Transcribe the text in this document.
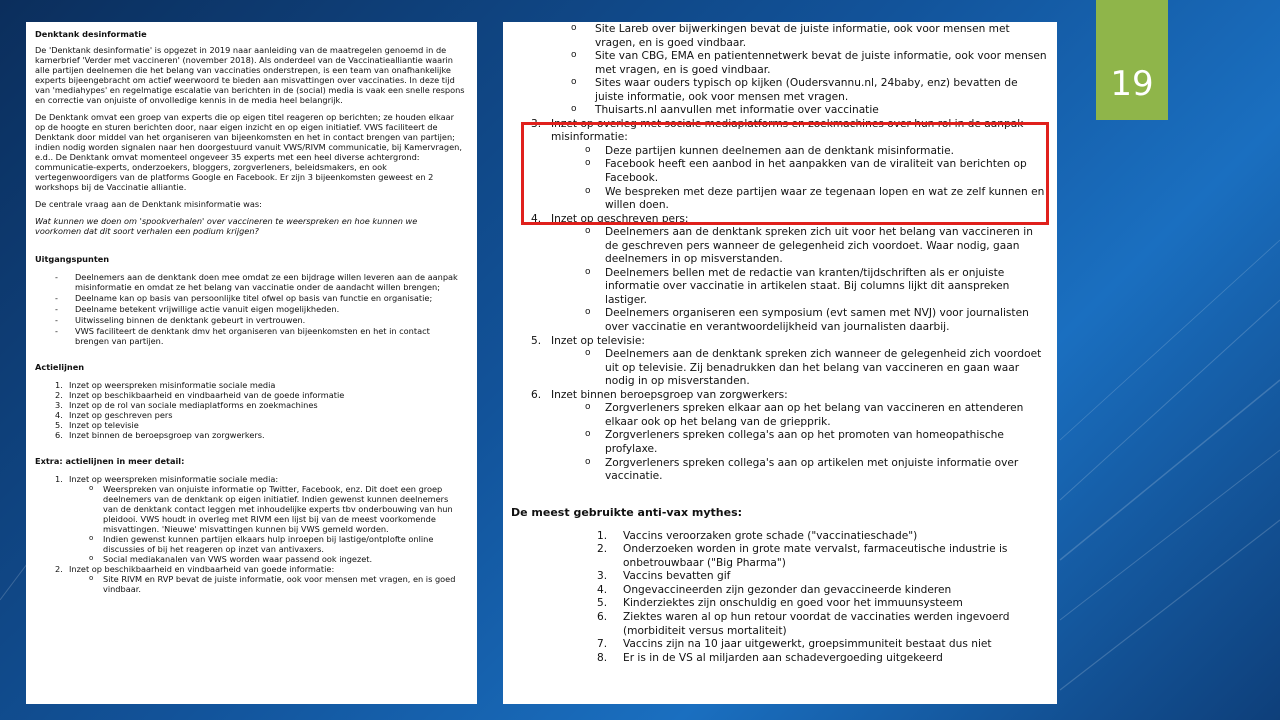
Denktank desinformatie
De 'Denktank desinformatie' is opgezet in 2019 naar aanleiding van de maatregelen genoemd in de kamerbrief 'Verder met vaccineren' (november 2018). Als onderdeel van de Vaccinatiealliantie waarin alle partijen deelnemen die het belang van vaccinaties onderstrepen, is een team van onafhankelijke experts bijeengebracht om actief weerwoord te bieden aan misvattingen over vaccinaties. In deze tijd van 'mediahypes' en regelmatige escalatie van berichten in de (social) media is vaak een snelle respons en correctie van onjuiste of onvolledige kennis in de media heel belangrijk.
De Denktank omvat een groep van experts die op eigen titel reageren op berichten; ze houden elkaar op de hoogte en sturen berichten door, naar eigen inzicht en op eigen initiatief. VWS faciliteert de Denktank door middel van het organiseren van bijeenkomsten en het in contact brengen van partijen; indien nodig worden signalen naar hen doorgestuurd vanuit VWS/RIVM communicatie, bij Kamervragen, e.d.. De Denktank omvat momenteel ongeveer 35 experts met een heel diverse achtergrond: communicatie-experts, onderzoekers, bloggers, zorgverleners, beleidsmakers, en ook vertegenwoordigers van de platforms Google en Facebook. Er zijn 3 bijeenkomsten geweest en 2 workshops bij de Vaccinatie alliantie.
De centrale vraag aan de Denktank misinformatie was:
Wat kunnen we doen om 'spookverhalen' over vaccineren te weerspreken en hoe kunnen we voorkomen dat dit soort verhalen een podium krijgen?
Uitgangspunten
-	Deelnemers aan de denktank doen mee omdat ze een bijdrage willen leveren aan de aanpak misinformatie en omdat ze het belang van vaccinatie onder de aandacht willen brengen;
-	Deelname kan op basis van persoonlijke titel ofwel op basis van functie en organisatie;
-	Deelname betekent vrijwillige actie vanuit eigen mogelijkheden.
-	Uitwisseling binnen de denktank gebeurt in vertrouwen.
-	VWS faciliteert de denktank dmv het organiseren van bijeenkomsten en het in contact brengen van partijen.
Actielijnen
1. Inzet op weerspreken misinformatie sociale media
2. Inzet op beschikbaarheid en vindbaarheid van de goede informatie
3. Inzet op de rol van sociale mediaplatforms en zoekmachines
4. Inzet op geschreven pers
5. Inzet op televisie
6. Inzet binnen de beroepsgroep van zorgwerkers.
Extra: actielijnen in meer detail:
1. Inzet op weerspreken misinformatie sociale media:
o	Weerspreken van onjuiste informatie op Twitter, Facebook, enz. Dit doet een groep deelnemers van de denktank op eigen initiatief. Indien gewenst kunnen deelnemers van de denktank contact leggen met inhoudelijke experts tbv onderbouwing van hun pleidooi. VWS houdt in overleg met RIVM een lijst bij van de meest voorkomende misvattingen. 'Nieuwe' misvattingen kunnen bij VWS gemeld worden.
o	Indien gewenst kunnen partijen elkaars hulp inroepen bij lastige/ontplofte online discussies of bij het reageren op inzet van antivaxers.
o	Social mediakanalen van VWS worden waar passend ook ingezet.
2. Inzet op beschikbaarheid en vindbaarheid van goede informatie:
o	Site RIVM en RVP bevat de juiste informatie, ook voor mensen met vragen, en is goed vindbaar.
o	Site Lareb over bijwerkingen bevat de juiste informatie, ook voor mensen met vragen, en is goed vindbaar.
o	Site van CBG, EMA en patientennetwerk bevat de juiste informatie, ook voor mensen met vragen, en is goed vindbaar.
o	Sites waar ouders typisch op kijken (Oudersvannu.nl, 24baby, enz) bevatten de juiste informatie, ook voor mensen met vragen.
o	Thuisarts.nl aanvullen met informatie over vaccinatie
3. Inzet op overleg met sociale mediaplatforms en zoekmachines over hun rol in de aanpak misinformatie:
o	Deze partijen kunnen deelnemen aan de denktank misinformatie.
o	Facebook heeft een aanbod in het aanpakken van de viraliteit van berichten op Facebook.
o	We bespreken met deze partijen waar ze tegenaan lopen en wat ze zelf kunnen en willen doen.
4. Inzet op geschreven pers:
o	Deelnemers aan de denktank spreken zich uit voor het belang van vaccineren in de geschreven pers wanneer de gelegenheid zich voordoet. Waar nodig, gaan deelnemers in op misverstanden.
o	Deelnemers bellen met de redactie van kranten/tijdschriften als er onjuiste informatie over vaccinatie in artikelen staat. Bij columns lijkt dit aanspreken lastiger.
o	Deelnemers organiseren een symposium (evt samen met NVJ) voor journalisten over vaccinatie en verantwoordelijkheid van journalisten daarbij.
5. Inzet op televisie:
o	Deelnemers aan de denktank spreken zich wanneer de gelegenheid zich voordoet uit op televisie. Zij benadrukken dan het belang van vaccineren en gaan waar nodig in op misverstanden.
6. Inzet binnen beroepsgroep van zorgwerkers:
o	Zorgverleners spreken elkaar aan op het belang van vaccineren en attenderen elkaar ook op het belang van de griepprik.
o	Zorgverleners spreken collega's aan op het promoten van homeopathische profylaxe.
o	Zorgverleners spreken collega's aan op artikelen met onjuiste informatie over vaccinatie.
De meest gebruikte anti-vax mythes:
1.	Vaccins veroorzaken grote schade ("vaccinatieschade")
2.	Onderzoeken worden in grote mate vervalst, farmaceutische industrie is onbetrouwbaar ("Big Pharma")
3.	Vaccins bevatten gif
4.	Ongevaccineerden zijn gezonder dan gevaccineerde kinderen
5.	Kinderziektes zijn onschuldig en goed voor het immuunsysteem
6.	Ziektes waren al op hun retour voordat de vaccinaties werden ingevoerd (morbiditeit versus mortaliteit)
7.	Vaccins zijn na 10 jaar uitgewerkt, groepsimmuniteit bestaat dus niet
8.	Er is in de VS al miljarden aan schadevergoeding uitgekeerd
19
